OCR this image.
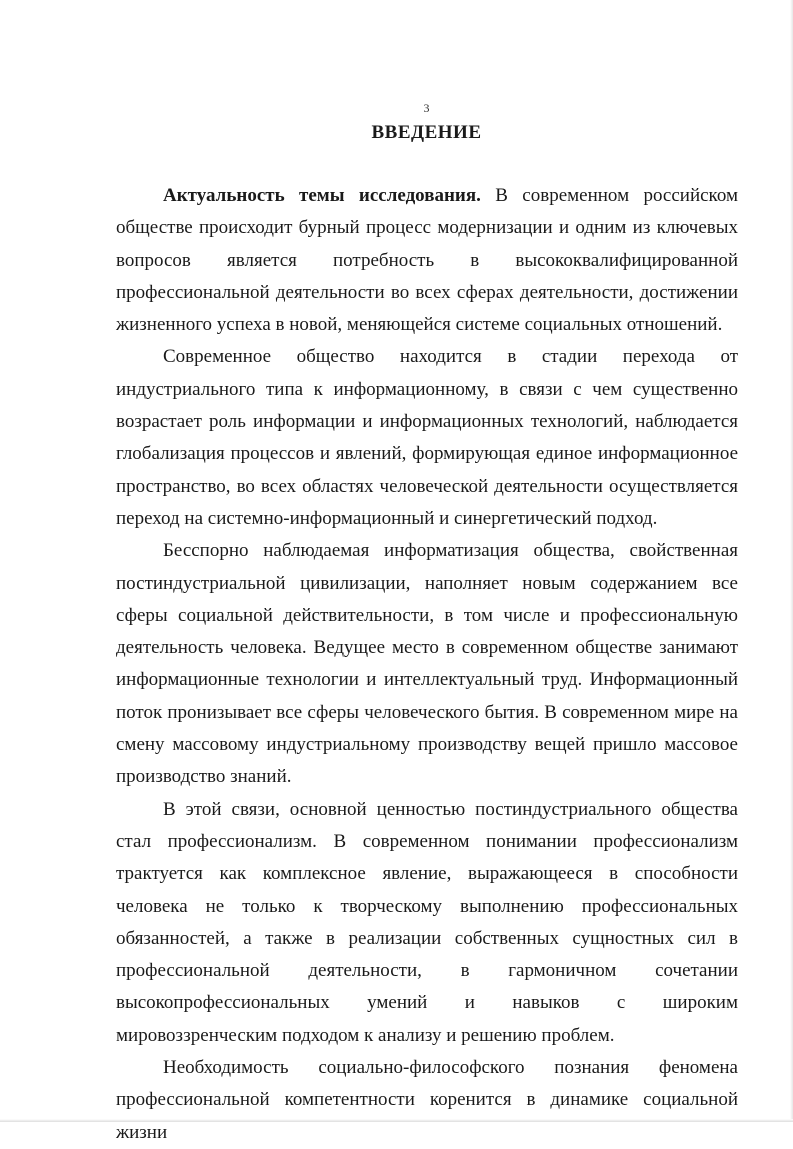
3
ВВЕДЕНИЕ

Актуальность темы исследования. В современном российском обществе происходит бурный процесс модернизации и одним из ключевых вопросов является потребность в высококвалифицированной профессиональной деятельности во всех сферах деятельности, достижении жизненного успеха в новой, меняющейся системе социальных отношений.

Современное общество находится в стадии перехода от индустриального типа к информационному, в связи с чем существенно возрастает роль информации и информационных технологий, наблюдается глобализация процессов и явлений, формирующая единое информационное пространство, во всех областях человеческой деятельности осуществляется переход на системно-информационный и синергетический подход.

Бесспорно наблюдаемая информатизация общества, свойственная постиндустриальной цивилизации, наполняет новым содержанием все сферы социальной действительности, в том числе и профессиональную деятельность человека. Ведущее место в современном обществе занимают информационные технологии и интеллектуальный труд. Информационный поток пронизывает все сферы человеческого бытия. В современном мире на смену массовому индустриальному производству вещей пришло массовое производство знаний.

В этой связи, основной ценностью постиндустриального общества стал профессионализм. В современном понимании профессионализм трактуется как комплексное явление, выражающееся в способности человека не только к творческому выполнению профессиональных обязанностей, а также в реализации собственных сущностных сил в профессиональной деятельности, в гармоничном сочетании высокопрофессиональных умений и навыков с широким мировоззренческим подходом к анализу и решению проблем.

Необходимость социально-философского познания феномена профессиональной компетентности коренится в динамике социальной жизни
